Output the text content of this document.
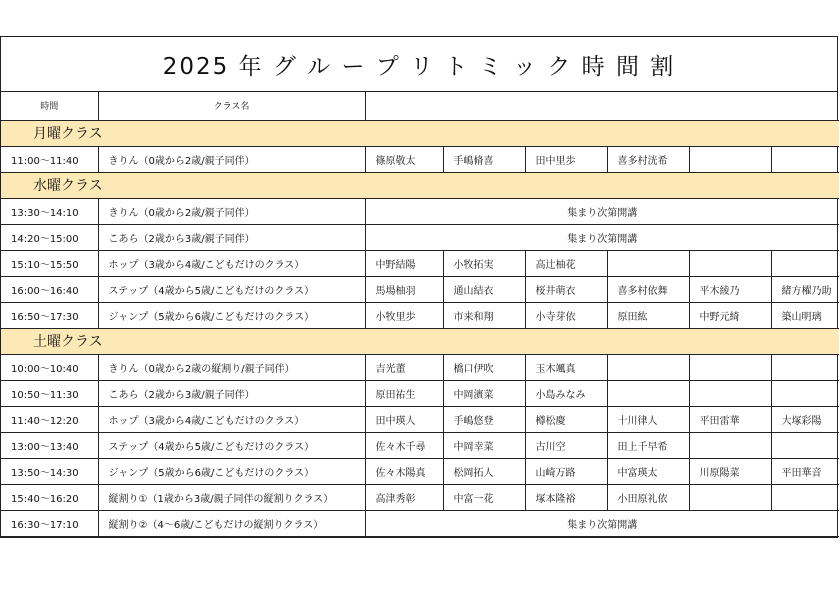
2025 年 グ ル ー プ リ ト ミ ッ ク 時 間 割
時間	クラス名						
月曜クラス							
11:00～11:40	きりん（0歳から2歳/親子同伴）	篠原敬太	手嶋脩喜	田中里歩	喜多村洸希		
水曜クラス							
13:30～14:10	きりん（0歳から2歳/親子同伴）	集まり次第開講					
14:20～15:00	こあら（2歳から3歳/親子同伴）	集まり次第開講					
15:10～15:50	ホップ（3歳から4歳/こどもだけのクラス）	中野結陽	小牧拓実	高辻柚花			
16:00～16:40	ステップ（4歳から5歳/こどもだけのクラス）	馬場柚羽	通山結衣	桜井萌衣	喜多村依舞	平木綾乃	緒方櫂乃助
16:50～17:30	ジャンプ（5歳から6歳/こどもだけのクラス）	小牧里歩	市来和翔	小寺芽依	原田紘	中野元綺	築山明璃
土曜クラス							
10:00～10:40	きりん（0歳から2歳の縦割り/親子同伴）	吉光董	橋口伊吹	玉木颯真			
10:50～11:30	こあら（2歳から3歳/親子同伴）	原田祐生	中岡濱菜	小島みなみ			
11:40～12:20	ホップ（3歳から4歳/こどもだけのクラス）	田中瑛人	手嶋悠登	樽松慶	十川律人	平田雷華	大塚彩陽
13:00～13:40	ステップ（4歳から5歳/こどもだけのクラス）	佐々木千尋	中岡幸菜	古川空	田上千早希		
13:50～14:30	ジャンプ（5歳から6歳/こどもだけのクラス）	佐々木陽真	松岡拓人	山崎万路	中富瑛太	川原陽菜	平田華音
15:40～16:20	縦割り①（1歳から3歳/親子同伴の縦割りクラス）	高津秀彰	中富一花	塚本隆裕	小田原礼依		
16:30～17:10	縦割り②（4～6歳/こどもだけの縦割りクラス）	集まり次第開講					
